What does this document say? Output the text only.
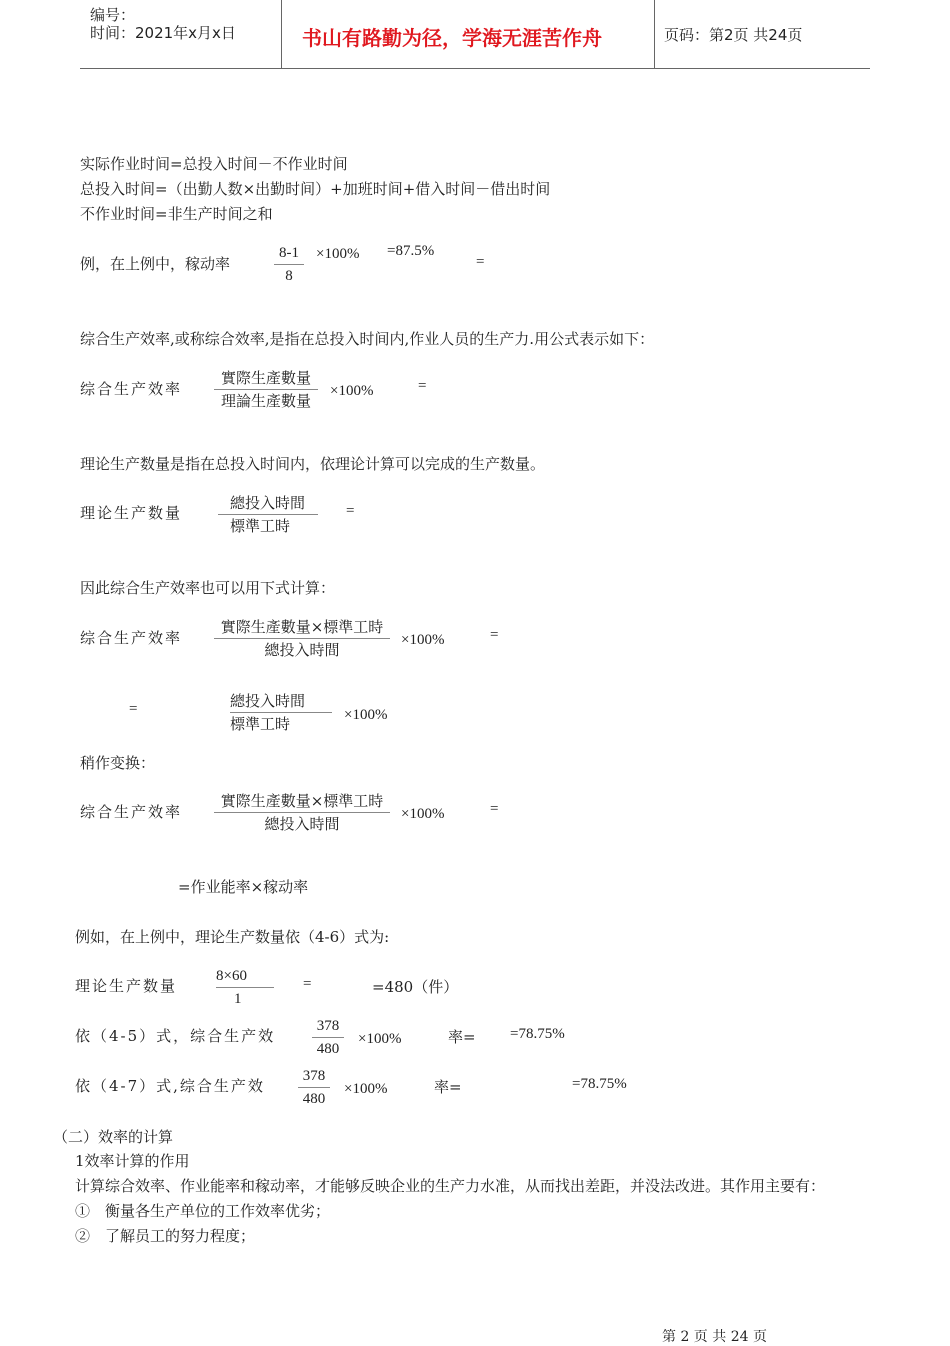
编号：
时间：2021年x月x日	书山有路勤为径，学海无涯苦作舟	页码：第2页 共24页
实际作业时间=总投入时间－不作业时间
总投入时间=（出勤人数×出勤时间）+加班时间+借入时间－借出时间
不作业时间=非生产时间之和
例，在上例中，稼动率
8-1
8
×100% =87.5%
=
综合生产效率,或称综合效率,是指在总投入时间内,作业人员的生产力.用公式表示如下：
综合生产效率
實際生產數量
理論生產數量
×100%	=
理论生产数量是指在总投入时间内，依理论计算可以完成的生产数量。
理论生产数量
總投入時間
標準工時
=
因此综合生产效率也可以用下式计算：
综合生产效率
實際生產數量×標準工時
總投入時間
×100%	=
=	總投入時間
標準工時	×100%
稍作变换：
综合生产效率
實際生產數量×標準工時
總投入時間
×100%	=
=作业能率×稼动率
例如，在上例中，理论生产数量依（4-6）式为:
理论生产数量
8×60
1
=	=480（件）
依（4-5）式，综合生产效
378
480
×100%	率= =78.75%
依（4-7）式,综合生产效
378
480
×100%	率=	=78.75%
（二）效率的计算
1效率计算的作用
计算综合效率、作业能率和稼动率，才能够反映企业的生产力水准，从而找出差距，并没法改进。其作用主要有：
①　衡量各生产单位的工作效率优劣；
②　了解员工的努力程度；
第 2 页 共 24 页
